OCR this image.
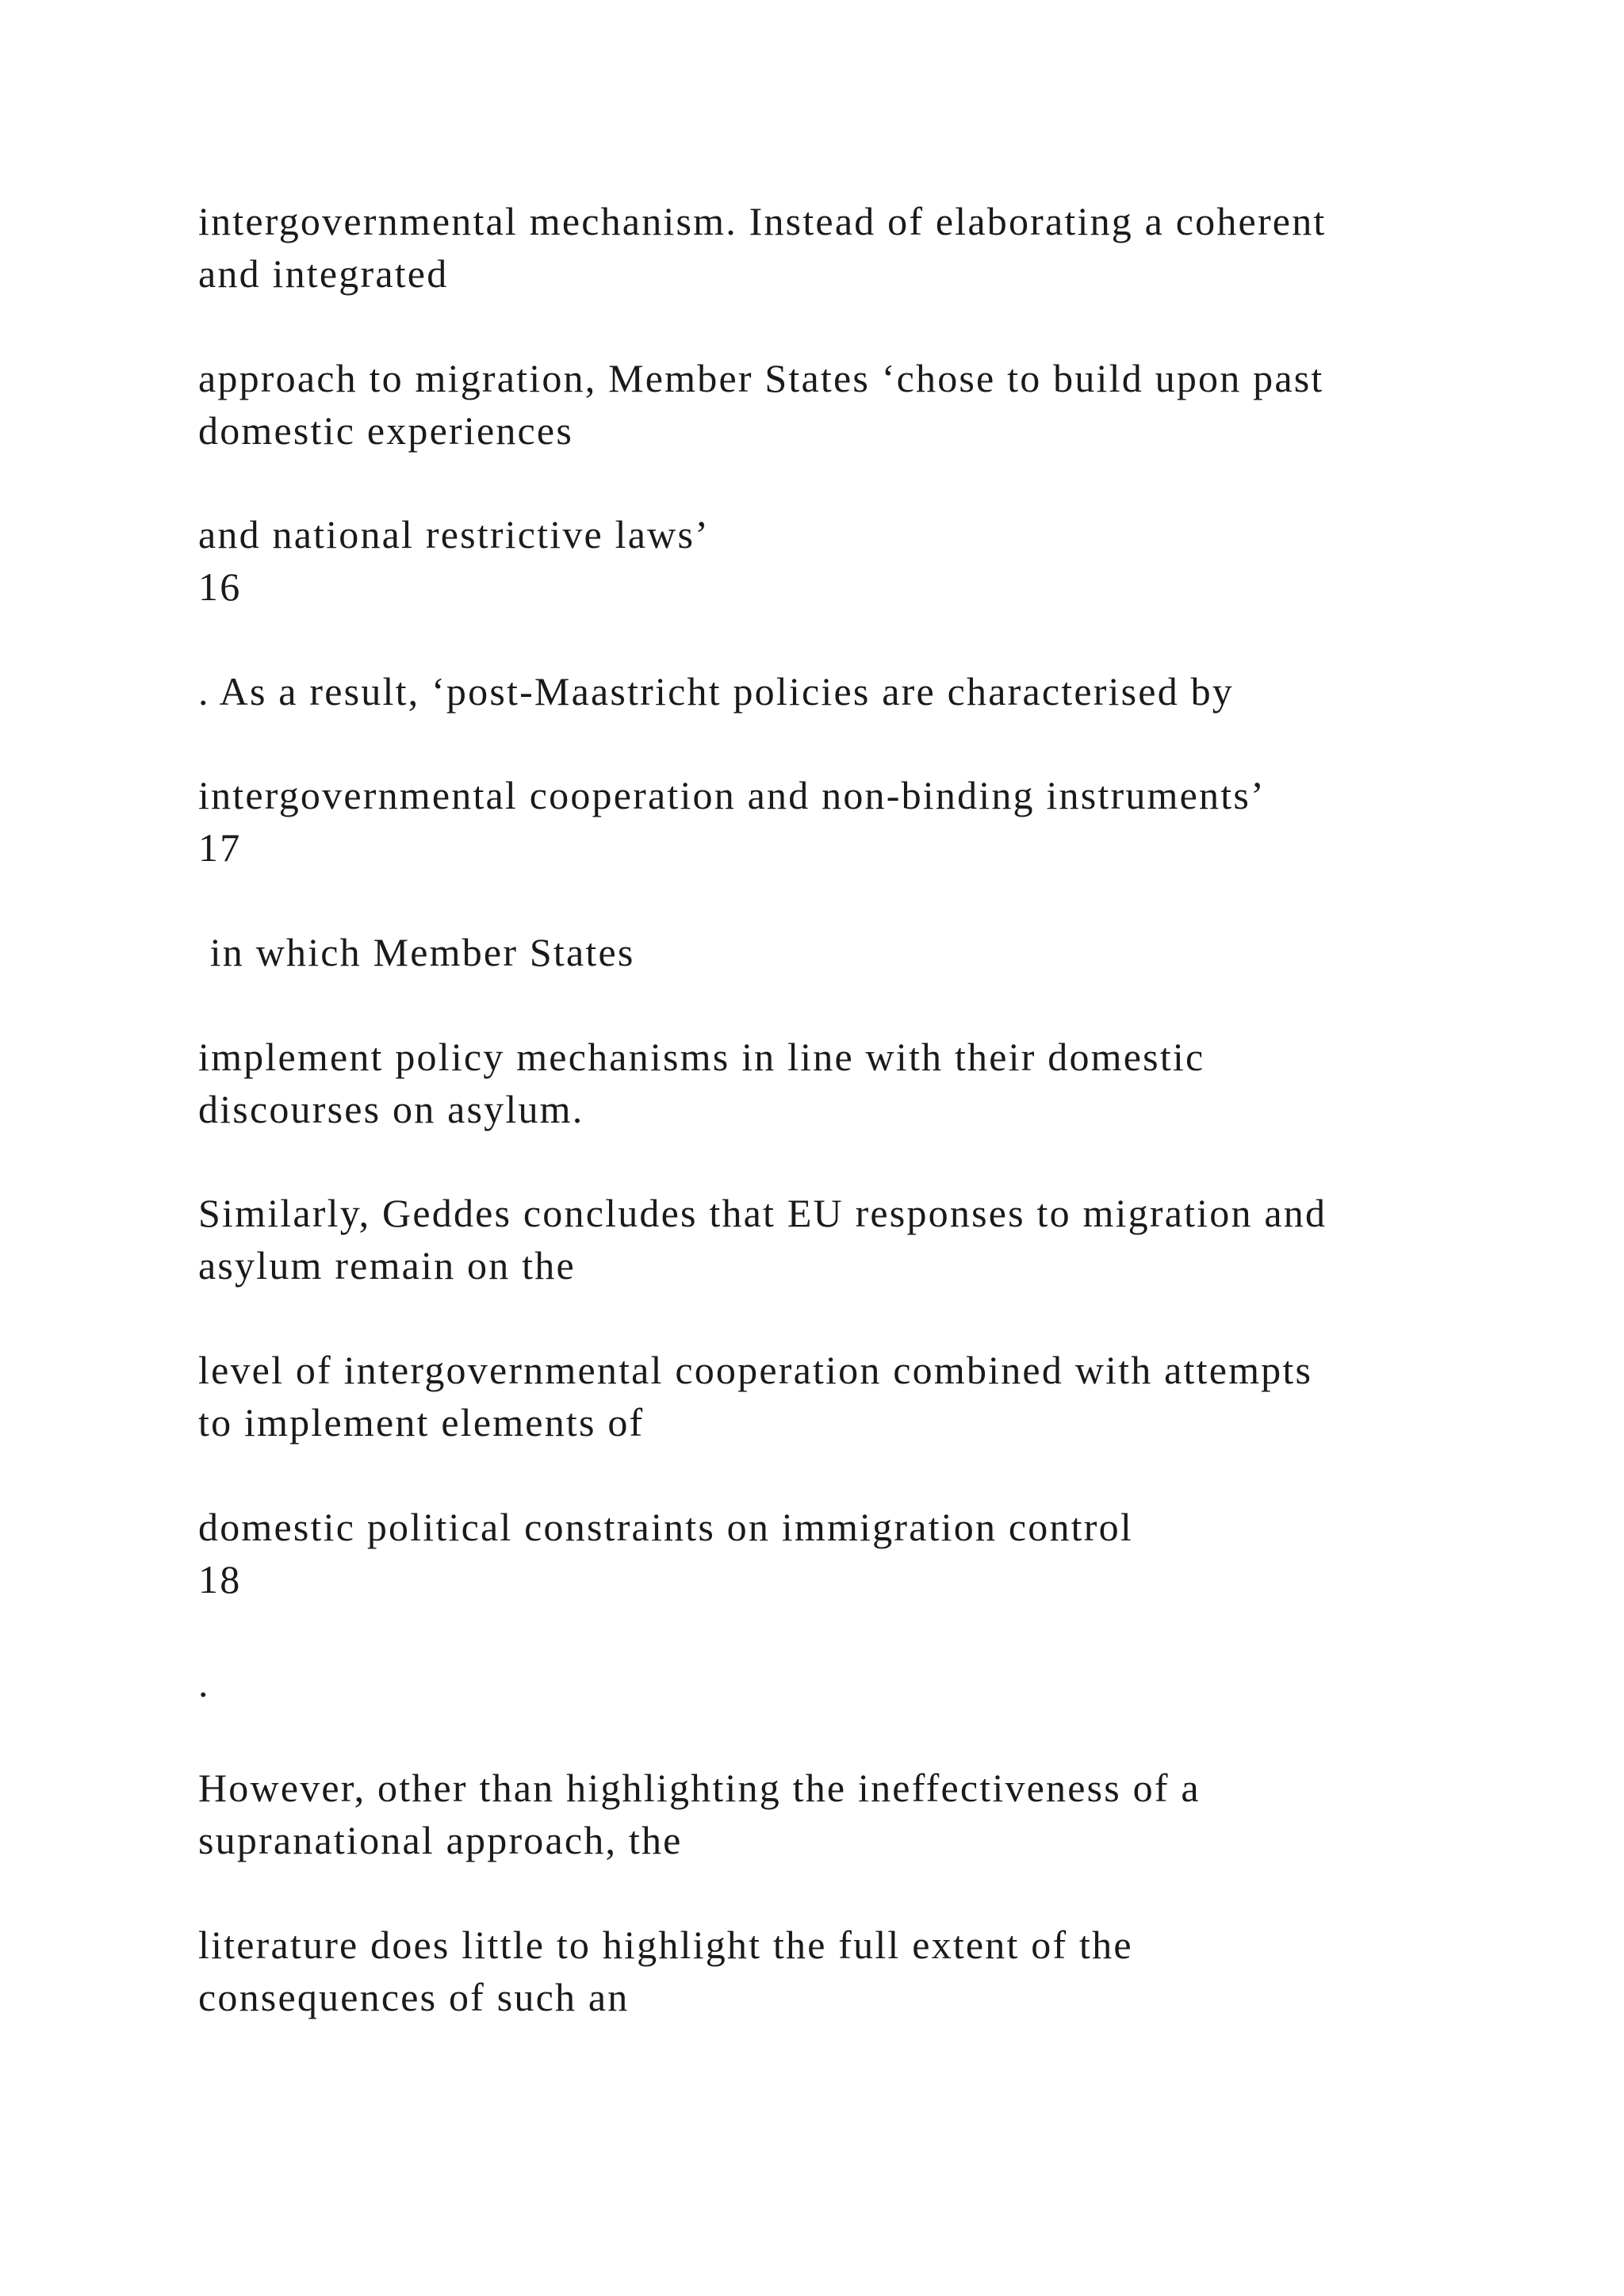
intergovernmental mechanism. Instead of elaborating a coherent

and integrated

approach to migration, Member States ‘chose to build upon past

domestic experiences

and national restrictive laws’

16

. As a result, ‘post-Maastricht policies are characterised by

intergovernmental cooperation and non-binding instruments’

17

in which Member States

implement policy mechanisms in line with their domestic

discourses on asylum.

Similarly, Geddes concludes that EU responses to migration and

asylum remain on the

level of intergovernmental cooperation combined with attempts

to implement elements of

domestic political constraints on immigration control

18

.

However, other than highlighting the ineffectiveness of a

supranational approach, the

literature does little to highlight the full extent of the

consequences of such an
